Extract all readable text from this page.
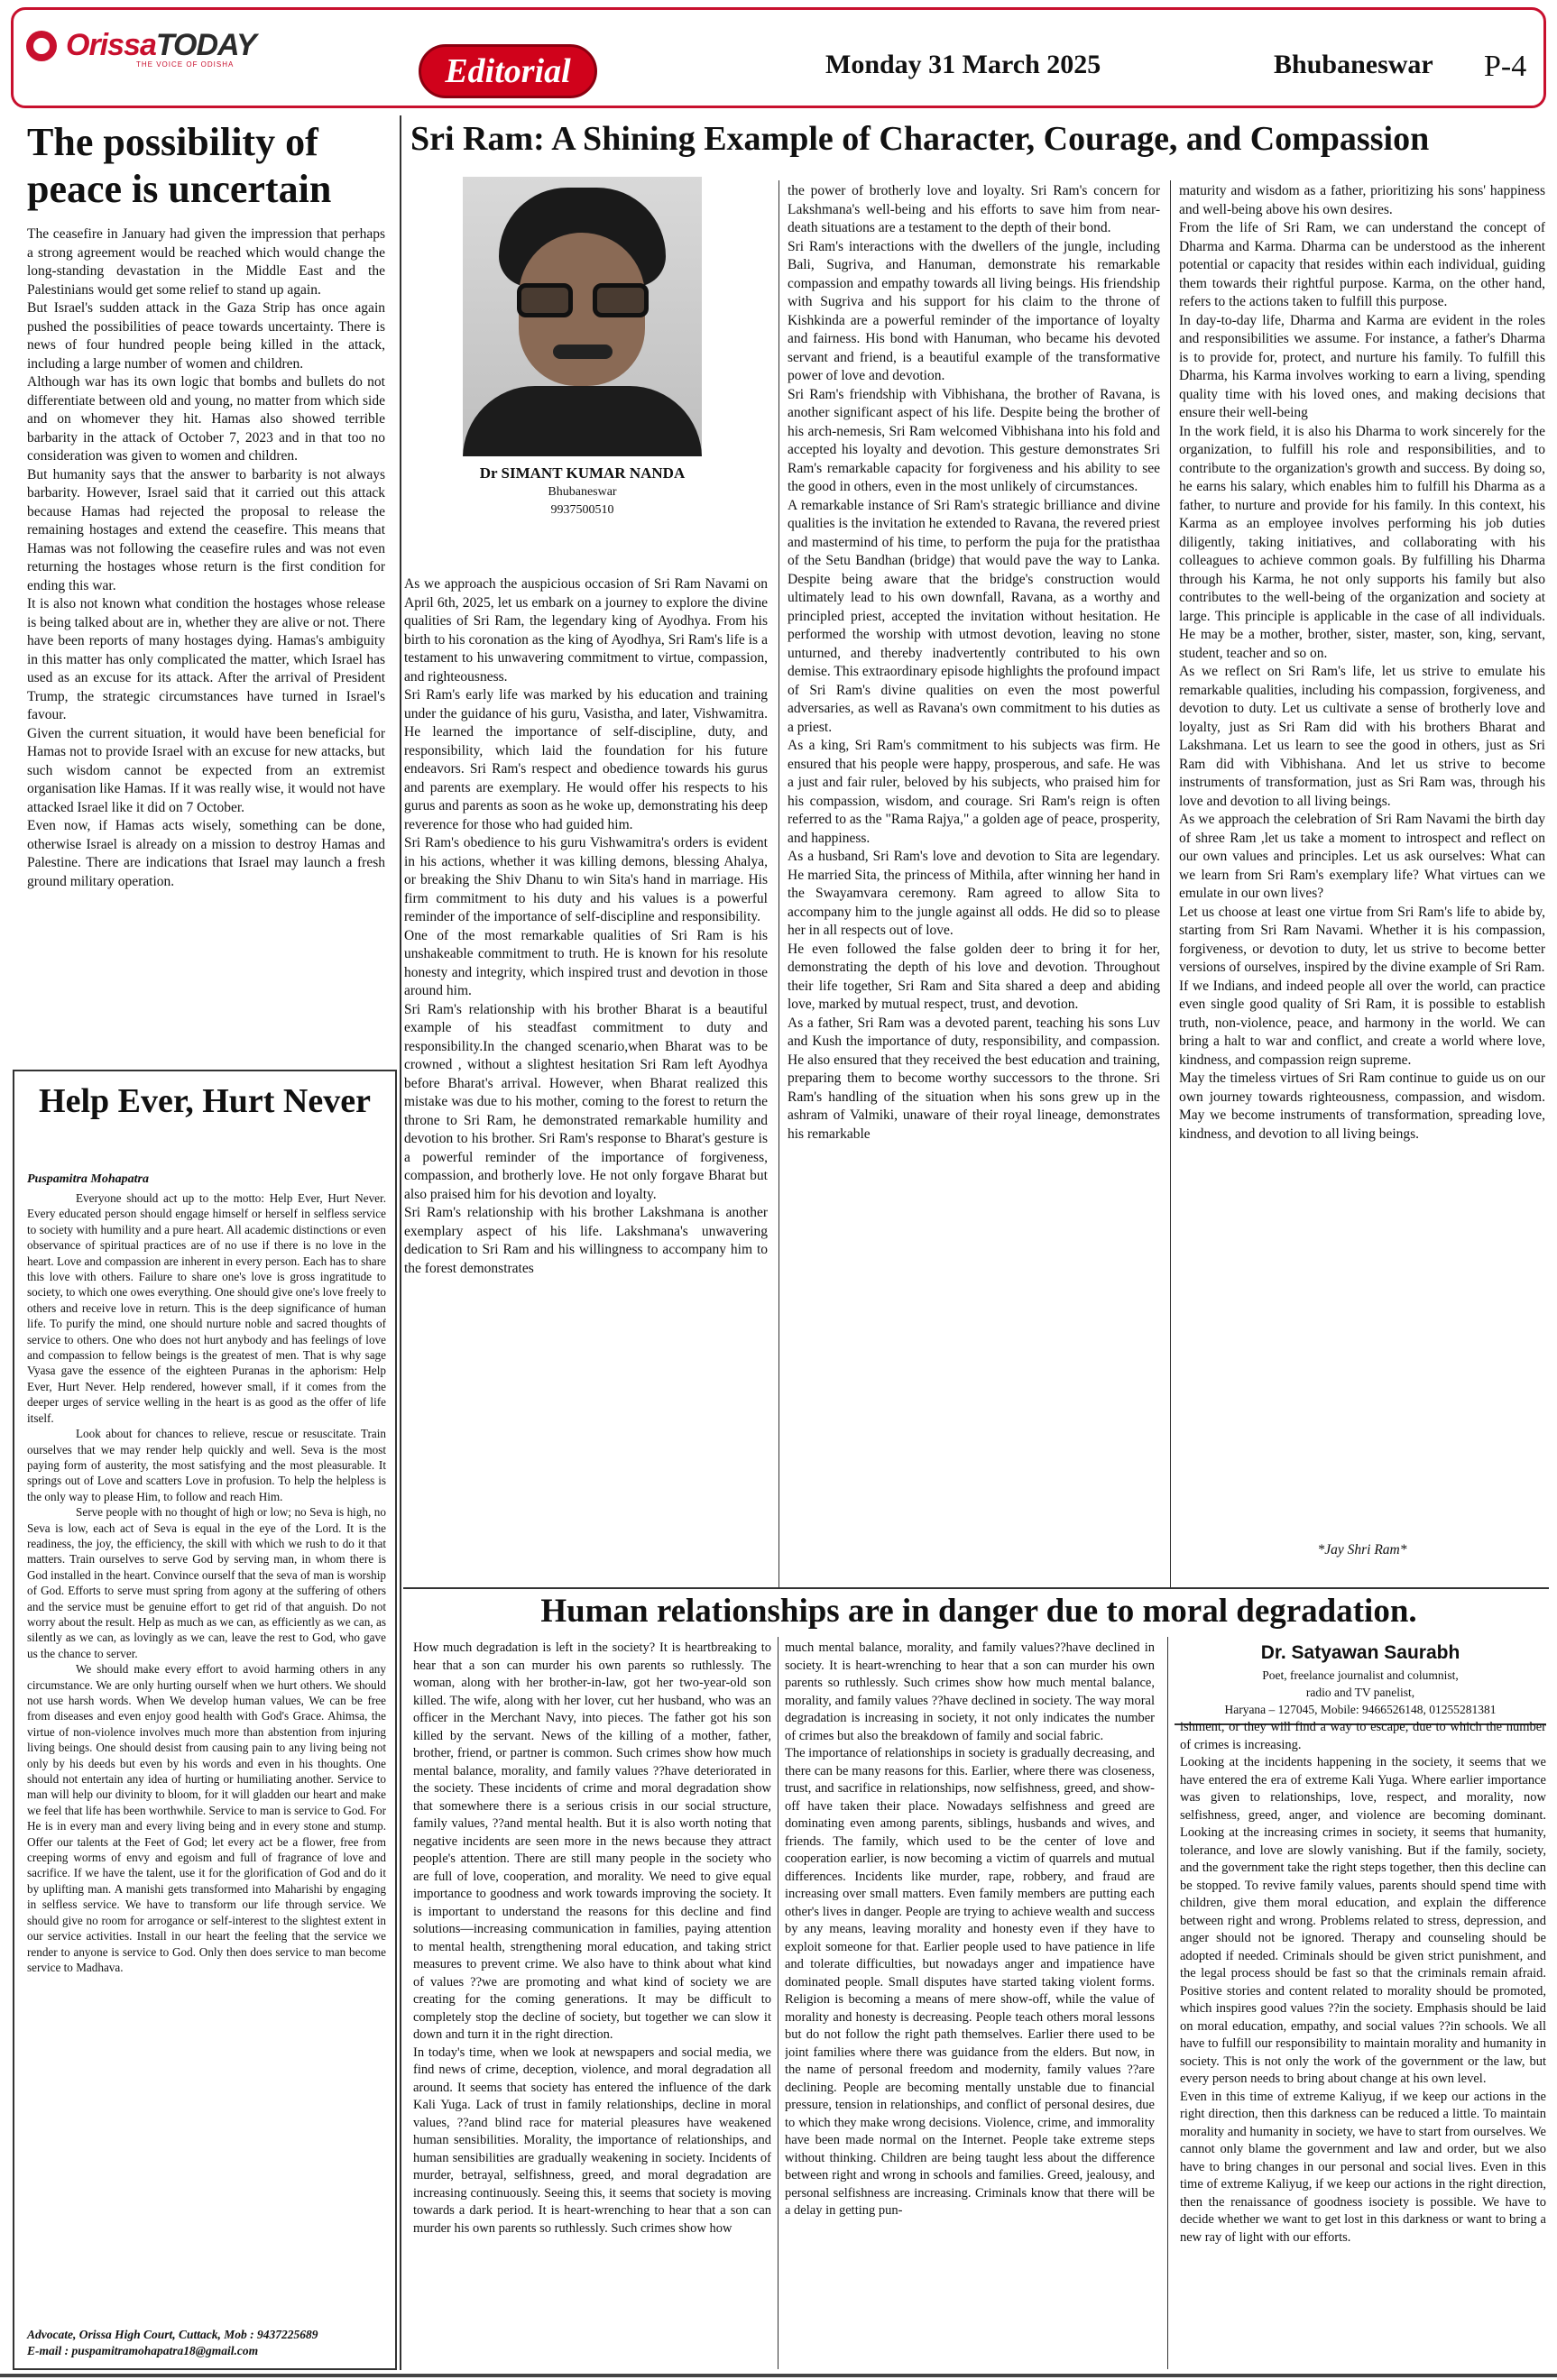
OrissaTODAY
THE VOICE OF ODISHA	Editorial	Monday 31 March 2025	Bhubaneswar P-4
The possibility of peace is uncertain

The ceasefire in January had given the impression that perhaps a strong agreement would be reached which would change the long-standing devastation in the Middle East and the Palestinians would get some relief to stand up again.

But Israel's sudden attack in the Gaza Strip has once again pushed the possibilities of peace towards uncertainty. There is news of four hundred people being killed in the attack, including a large number of women and children.

Although war has its own logic that bombs and bullets do not differentiate between old and young, no matter from which side and on whomever they hit. Hamas also showed terrible barbarity in the attack of October 7, 2023 and in that too no consideration was given to women and children.

But humanity says that the answer to barbarity is not always barbarity. However, Israel said that it carried out this attack because Hamas had rejected the proposal to release the remaining hostages and extend the ceasefire. This means that Hamas was not following the ceasefire rules and was not even returning the hostages whose return is the first condition for ending this war.

It is also not known what condition the hostages whose release is being talked about are in, whether they are alive or not. There have been reports of many hostages dying. Hamas's ambiguity in this matter has only complicated the matter, which Israel has used as an excuse for its attack. After the arrival of President Trump, the strategic circumstances have turned in Israel's favour.

Given the current situation, it would have been beneficial for Hamas not to provide Israel with an excuse for new attacks, but such wisdom cannot be expected from an extremist organisation like Hamas. If it was really wise, it would not have attacked Israel like it did on 7 October.

Even now, if Hamas acts wisely, something can be done, otherwise Israel is already on a mission to destroy Hamas and Palestine. There are indications that Israel may launch a fresh ground military operation.

Help Ever, Hurt Never
Puspamitra Mohapatra

Everyone should act up to the motto: Help Ever, Hurt Never. Every educated person should engage himself or herself in selfless service to society with humility and a pure heart. All academic distinctions or even observance of spiritual practices are of no use if there is no love in the heart. Love and compassion are inherent in every person. Each has to share this love with others. Failure to share one's love is gross ingratitude to society, to which one owes everything. One should give one's love freely to others and receive love in return. This is the deep significance of human life. To purify the mind, one should nurture noble and sacred thoughts of service to others. One who does not hurt anybody and has feelings of love and compassion to fellow beings is the greatest of men. That is why sage Vyasa gave the essence of the eighteen Puranas in the aphorism: Help Ever, Hurt Never. Help rendered, however small, if it comes from the deeper urges of service welling in the heart is as good as the offer of life itself.

Look about for chances to relieve, rescue or resuscitate. Train ourselves that we may render help quickly and well. Seva is the most paying form of austerity, the most satisfying and the most pleasurable. It springs out of Love and scatters Love in profusion. To help the helpless is the only way to please Him, to follow and reach Him.

Serve people with no thought of high or low; no Seva is high, no Seva is low, each act of Seva is equal in the eye of the Lord. It is the readiness, the joy, the efficiency, the skill with which we rush to do it that matters. Train ourselves to serve God by serving man, in whom there is God installed in the heart. Convince ourself that the seva of man is worship of God. Efforts to serve must spring from agony at the suffering of others and the service must be genuine effort to get rid of that anguish. Do not worry about the result. Help as much as we can, as efficiently as we can, as silently as we can, as lovingly as we can, leave the rest to God, who gave us the chance to server.

We should make every effort to avoid harming others in any circumstance. We are only hurting ourself when we hurt others. We should not use harsh words. When We develop human values, We can be free from diseases and even enjoy good health with God's Grace. Ahimsa, the virtue of non-violence involves much more than abstention from injuring living beings. One should desist from causing pain to any living being not only by his deeds but even by his words and even in his thoughts. One should not entertain any idea of hurting or humiliating another. Service to man will help our divinity to bloom, for it will gladden our heart and make we feel that life has been worthwhile. Service to man is service to God. For He is in every man and every living being and in every stone and stump. Offer our talents at the Feet of God; let every act be a flower, free from creeping worms of envy and egoism and full of fragrance of love and sacrifice. If we have the talent, use it for the glorification of God and do it by uplifting man. A manishi gets transformed into Maharishi by engaging in selfless service. We have to transform our life through service. We should give no room for arrogance or self-interest to the slightest extent in our service activities. Install in our heart the feeling that the service we render to anyone is service to God. Only then does service to man become service to Madhava.

Advocate, Orissa High Court, Cuttack, Mob : 9437225689
E-mail : puspamitramohapatra18@gmail.com
Sri Ram: A Shining Example of Character, Courage, and Compassion
Dr SIMANT KUMAR NANDA
Bhubaneswar
9937500510

As we approach the auspicious occasion of Sri Ram Navami on April 6th, 2025, let us embark on a journey to explore the divine qualities of Sri Ram, the legendary king of Ayodhya. From his birth to his coronation as the king of Ayodhya, Sri Ram's life is a testament to his unwavering commitment to virtue, compassion, and righteousness.

Sri Ram's early life was marked by his education and training under the guidance of his guru, Vasistha, and later, Vishwamitra. He learned the importance of self-discipline, duty, and responsibility, which laid the foundation for his future endeavors. Sri Ram's respect and obedience towards his gurus and parents are exemplary. He would offer his respects to his gurus and parents as soon as he woke up, demonstrating his deep reverence for those who had guided him.

Sri Ram's obedience to his guru Vishwamitra's orders is evident in his actions, whether it was killing demons, blessing Ahalya, or breaking the Shiv Dhanu to win Sita's hand in marriage. His firm commitment to his duty and his values is a powerful reminder of the importance of self-discipline and responsibility.

One of the most remarkable qualities of Sri Ram is his unshakeable commitment to truth. He is known for his resolute honesty and integrity, which inspired trust and devotion in those around him.

Sri Ram's relationship with his brother Bharat is a beautiful example of his steadfast commitment to duty and responsibility.In the changed scenario,when Bharat was to be crowned , without a slightest hesitation Sri Ram left Ayodhya before Bharat's arrival. However, when Bharat realized this mistake was due to his mother, coming to the forest to return the throne to Sri Ram, he demonstrated remarkable humility and devotion to his brother. Sri Ram's response to Bharat's gesture is a powerful reminder of the importance of forgiveness, compassion, and brotherly love. He not only forgave Bharat but also praised him for his devotion and loyalty.

Sri Ram's relationship with his brother Lakshmana is another exemplary aspect of his life. Lakshmana's unwavering dedication to Sri Ram and his willingness to accompany him to the forest demonstrates

the power of brotherly love and loyalty. Sri Ram's concern for Lakshmana's well-being and his efforts to save him from near-death situations are a testament to the depth of their bond.

Sri Ram's interactions with the dwellers of the jungle, including Bali, Sugriva, and Hanuman, demonstrate his remarkable compassion and empathy towards all living beings. His friendship with Sugriva and his support for his claim to the throne of Kishkinda are a powerful reminder of the importance of loyalty and fairness. His bond with Hanuman, who became his devoted servant and friend, is a beautiful example of the transformative power of love and devotion.

Sri Ram's friendship with Vibhishana, the brother of Ravana, is another significant aspect of his life. Despite being the brother of his arch-nemesis, Sri Ram welcomed Vibhishana into his fold and accepted his loyalty and devotion. This gesture demonstrates Sri Ram's remarkable capacity for forgiveness and his ability to see the good in others, even in the most unlikely of circumstances.

A remarkable instance of Sri Ram's strategic brilliance and divine qualities is the invitation he extended to Ravana, the revered priest and mastermind of his time, to perform the puja for the pratisthaa of the Setu Bandhan (bridge) that would pave the way to Lanka. Despite being aware that the bridge's construction would ultimately lead to his own downfall, Ravana, as a worthy and principled priest, accepted the invitation without hesitation. He performed the worship with utmost devotion, leaving no stone unturned, and thereby inadvertently contributed to his own demise. This extraordinary episode highlights the profound impact of Sri Ram's divine qualities on even the most powerful adversaries, as well as Ravana's own commitment to his duties as a priest.

As a king, Sri Ram's commitment to his subjects was firm. He ensured that his people were happy, prosperous, and safe. He was a just and fair ruler, beloved by his subjects, who praised him for his compassion, wisdom, and courage. Sri Ram's reign is often referred to as the "Rama Rajya," a golden age of peace, prosperity, and happiness.

As a husband, Sri Ram's love and devotion to Sita are legendary. He married Sita, the princess of Mithila, after winning her hand in the Swayamvara ceremony. Ram agreed to allow Sita to accompany him to the jungle against all odds. He did so to please her in all respects out of love.

He even followed the false golden deer to bring it for her, demonstrating the depth of his love and devotion. Throughout their life together, Sri Ram and Sita shared a deep and abiding love, marked by mutual respect, trust, and devotion.

As a father, Sri Ram was a devoted parent, teaching his sons Luv and Kush the importance of duty, responsibility, and compassion. He also ensured that they received the best education and training, preparing them to become worthy successors to the throne. Sri Ram's handling of the situation when his sons grew up in the ashram of Valmiki, unaware of their royal lineage, demonstrates his remarkable

maturity and wisdom as a father, prioritizing his sons' happiness and well-being above his own desires.

From the life of Sri Ram, we can understand the concept of Dharma and Karma. Dharma can be understood as the inherent potential or capacity that resides within each individual, guiding them towards their rightful purpose. Karma, on the other hand, refers to the actions taken to fulfill this purpose.

In day-to-day life, Dharma and Karma are evident in the roles and responsibilities we assume. For instance, a father's Dharma is to provide for, protect, and nurture his family. To fulfill this Dharma, his Karma involves working to earn a living, spending quality time with his loved ones, and making decisions that ensure their well-being

In the work field, it is also his Dharma to work sincerely for the organization, to fulfill his role and responsibilities, and to contribute to the organization's growth and success. By doing so, he earns his salary, which enables him to fulfill his Dharma as a father, to nurture and provide for his family. In this context, his Karma as an employee involves performing his job duties diligently, taking initiatives, and collaborating with his colleagues to achieve common goals. By fulfilling his Dharma through his Karma, he not only supports his family but also contributes to the well-being of the organization and society at large. This principle is applicable in the case of all individuals. He may be a mother, brother, sister, master, son, king, servant, student, teacher and so on.

As we reflect on Sri Ram's life, let us strive to emulate his remarkable qualities, including his compassion, forgiveness, and devotion to duty. Let us cultivate a sense of brotherly love and loyalty, just as Sri Ram did with his brothers Bharat and Lakshmana. Let us learn to see the good in others, just as Sri Ram did with Vibhishana. And let us strive to become instruments of transformation, just as Sri Ram was, through his love and devotion to all living beings.

As we approach the celebration of Sri Ram Navami the birth day of shree Ram ,let us take a moment to introspect and reflect on our own values and principles. Let us ask ourselves: What can we learn from Sri Ram's exemplary life? What virtues can we emulate in our own lives?

Let us choose at least one virtue from Sri Ram's life to abide by, starting from Sri Ram Navami. Whether it is his compassion, forgiveness, or devotion to duty, let us strive to become better versions of ourselves, inspired by the divine example of Sri Ram.

If we Indians, and indeed people all over the world, can practice even single good quality of Sri Ram, it is possible to establish truth, non-violence, peace, and harmony in the world. We can bring a halt to war and conflict, and create a world where love, kindness, and compassion reign supreme.

May the timeless virtues of Sri Ram continue to guide us on our own journey towards righteousness, compassion, and wisdom. May we become instruments of transformation, spreading love, kindness, and devotion to all living beings.

*Jay Shri Ram*
Human relationships are in danger due to moral degradation.

How much degradation is left in the society? It is heartbreaking to hear that a son can murder his own parents so ruthlessly. The woman, along with her brother-in-law, got her two-year-old son killed. The wife, along with her lover, cut her husband, who was an officer in the Merchant Navy, into pieces. The father got his son killed by the servant. News of the killing of a mother, father, brother, friend, or partner is common. Such crimes show how much mental balance, morality, and family values ??have deteriorated in the society. These incidents of crime and moral degradation show that somewhere there is a serious crisis in our social structure, family values, ??and mental health. But it is also worth noting that negative incidents are seen more in the news because they attract people's attention. There are still many people in the society who are full of love, cooperation, and morality. We need to give equal importance to goodness and work towards improving the society. It is important to understand the reasons for this decline and find solutions—increasing communication in families, paying attention to mental health, strengthening moral education, and taking strict measures to prevent crime. We also have to think about what kind of values ??we are promoting and what kind of society we are creating for the coming generations. It may be difficult to completely stop the decline of society, but together we can slow it down and turn it in the right direction.

In today's time, when we look at newspapers and social media, we find news of crime, deception, violence, and moral degradation all around. It seems that society has entered the influence of the dark Kali Yuga. Lack of trust in family relationships, decline in moral values, ??and blind race for material pleasures have weakened human sensibilities. Morality, the importance of relationships, and human sensibilities are gradually weakening in society. Incidents of murder, betrayal, selfishness, greed, and moral degradation are increasing continuously. Seeing this, it seems that society is moving towards a dark period. It is heart-wrenching to hear that a son can murder his own parents so ruthlessly. Such crimes show how

much mental balance, morality, and family values??have declined in society. It is heart-wrenching to hear that a son can murder his own parents so ruthlessly. Such crimes show how much mental balance, morality, and family values ??have declined in society. The way moral degradation is increasing in society, it not only indicates the number of crimes but also the breakdown of family and social fabric.

The importance of relationships in society is gradually decreasing, and there can be many reasons for this. Earlier, where there was closeness, trust, and sacrifice in relationships, now selfishness, greed, and show-off have taken their place. Nowadays selfishness and greed are dominating even among parents, siblings, husbands and wives, and friends. The family, which used to be the center of love and cooperation earlier, is now becoming a victim of quarrels and mutual differences. Incidents like murder, rape, robbery, and fraud are increasing over small matters. Even family members are putting each other's lives in danger. People are trying to achieve wealth and success by any means, leaving morality and honesty even if they have to exploit someone for that. Earlier people used to have patience in life and tolerate difficulties, but nowadays anger and impatience have dominated people. Small disputes have started taking violent forms. Religion is becoming a means of mere show-off, while the value of morality and honesty is decreasing. People teach others moral lessons but do not follow the right path themselves. Earlier there used to be joint families where there was guidance from the elders. But now, in the name of personal freedom and modernity, family values ??are declining. People are becoming mentally unstable due to financial pressure, tension in relationships, and conflict of personal desires, due to which they make wrong decisions. Violence, crime, and immorality have been made normal on the Internet. People take extreme steps without thinking. Children are being taught less about the difference between right and wrong in schools and families. Greed, jealousy, and personal selfishness are increasing. Criminals know that there will be a delay in getting pun-

Dr. Satyawan Saurabh
Poet, freelance journalist and columnist,
radio and TV panelist,
Haryana – 127045, Mobile: 9466526148, 01255281381

ishment, or they will find a way to escape, due to which the number of crimes is increasing.

Looking at the incidents happening in the society, it seems that we have entered the era of extreme Kali Yuga. Where earlier importance was given to relationships, love, respect, and morality, now selfishness, greed, anger, and violence are becoming dominant. Looking at the increasing crimes in society, it seems that humanity, tolerance, and love are slowly vanishing. But if the family, society, and the government take the right steps together, then this decline can be stopped. To revive family values, parents should spend time with children, give them moral education, and explain the difference between right and wrong. Problems related to stress, depression, and anger should not be ignored. Therapy and counseling should be adopted if needed. Criminals should be given strict punishment, and the legal process should be fast so that the criminals remain afraid. Positive stories and content related to morality should be promoted, which inspires good values ??in the society. Emphasis should be laid on moral education, empathy, and social values ??in schools. We all have to fulfill our responsibility to maintain morality and humanity in society. This is not only the work of the government or the law, but every person needs to bring about change at his own level.

Even in this time of extreme Kaliyug, if we keep our actions in the right direction, then this darkness can be reduced a little. To maintain morality and humanity in society, we have to start from ourselves. We cannot only blame the government and law and order, but we also have to bring changes in our personal and social lives. Even in this time of extreme Kaliyug, if we keep our actions in the right direction, then the renaissance of goodness isociety is possible. We have to decide whether we want to get lost in this darkness or want to bring a new ray of light with our efforts.
